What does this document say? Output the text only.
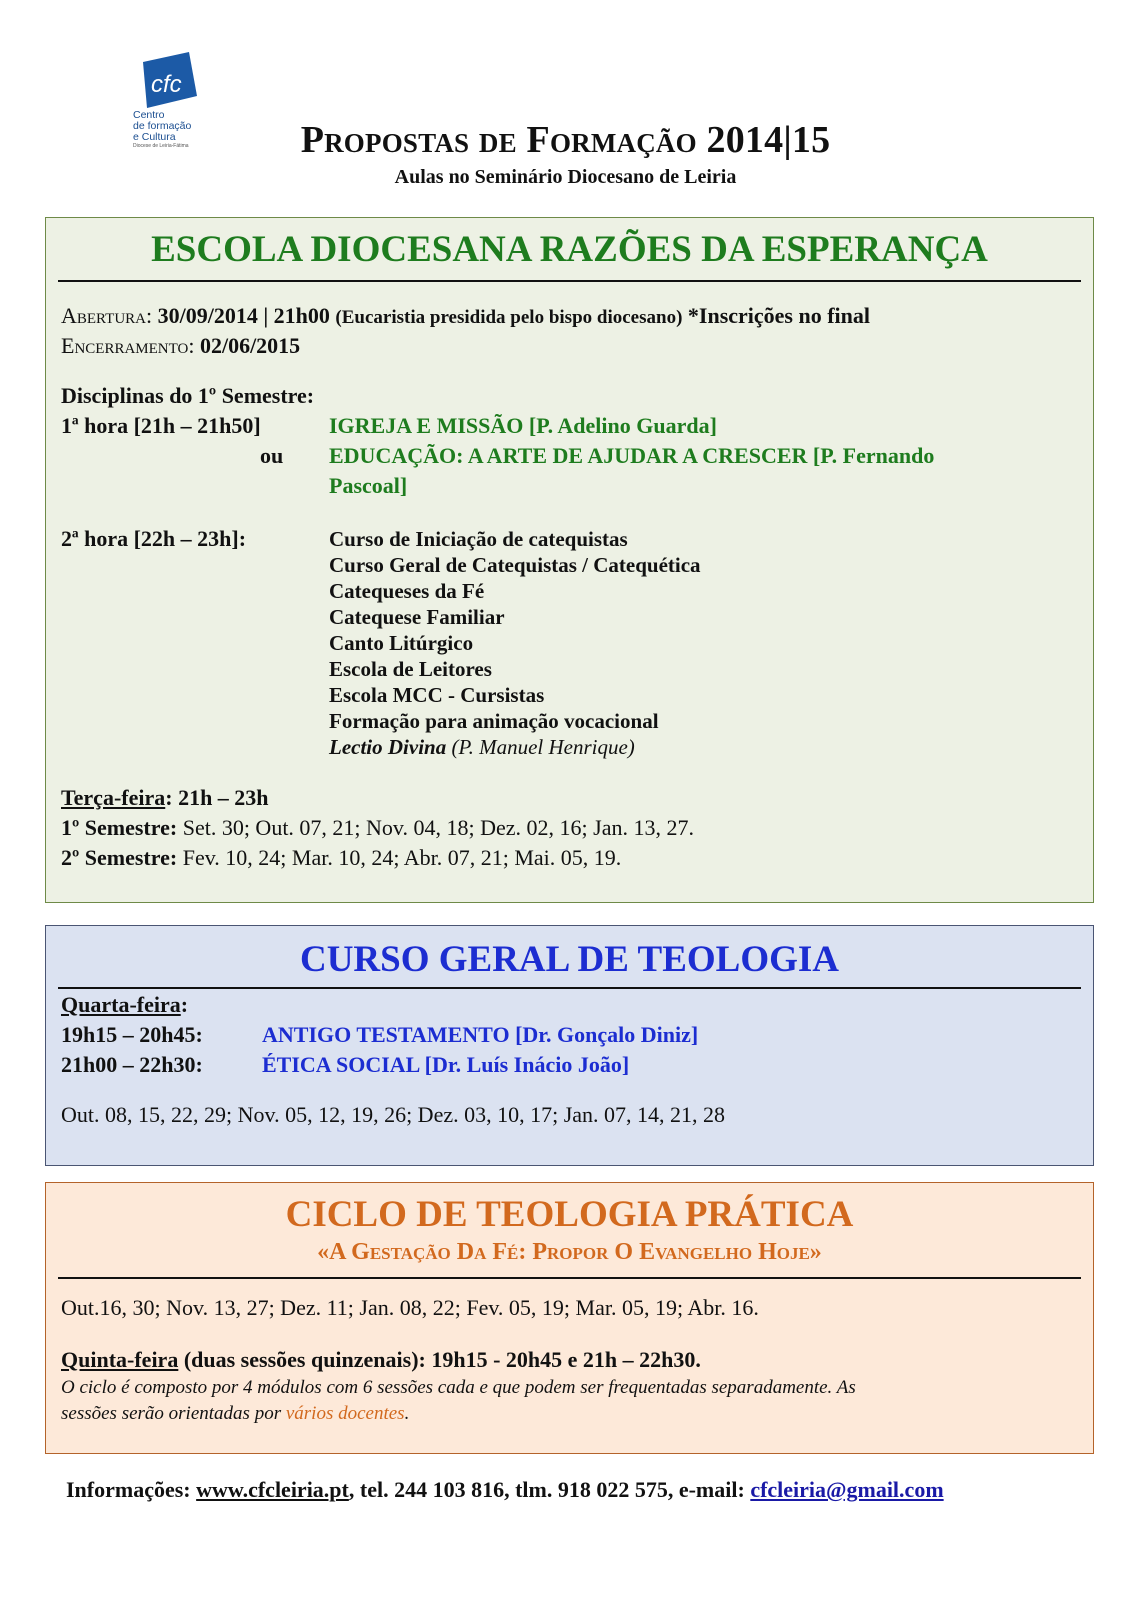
cfc
Centro
de formação
e Cultura
Diocese de Leiria-Fátima	Propostas de Formação 2014|15
Aulas no Seminário Diocesano de Leiria
ESCOLA DIOCESANA RAZÕES DA ESPERANÇA
Abertura: 30/09/2014 | 21h00 (Eucaristia presidida pelo bispo diocesano) *Inscrições no final
Encerramento: 02/06/2015
Disciplinas do 1º Semestre:
1ª hora [21h – 21h50]	IGREJA E MISSÃO [P. Adelino Guarda]
ou EDUCAÇÃO: A ARTE DE AJUDAR A CRESCER [P. Fernando
Pascoal]
2ª hora [22h – 23h]:	Curso de Iniciação de catequistas
Curso Geral de Catequistas / Catequética
Catequeses da Fé
Catequese Familiar
Canto Litúrgico
Escola de Leitores
Escola MCC - Cursistas
Formação para animação vocacional
Lectio Divina (P. Manuel Henrique)
Terça-feira: 21h – 23h
1º Semestre: Set. 30; Out. 07, 21; Nov. 04, 18; Dez. 02, 16; Jan. 13, 27.
2º Semestre: Fev. 10, 24; Mar. 10, 24; Abr. 07, 21; Mai. 05, 19.
CURSO GERAL DE TEOLOGIA
Quarta-feira:
19h15 – 20h45:	ANTIGO TESTAMENTO [Dr. Gonçalo Diniz]
21h00 – 22h30:	ÉTICA SOCIAL [Dr. Luís Inácio João]
Out. 08, 15, 22, 29; Nov. 05, 12, 19, 26; Dez. 03, 10, 17; Jan. 07, 14, 21, 28
CICLO DE TEOLOGIA PRÁTICA
«A Gestação Da Fé: Propor O Evangelho Hoje»
Out.16, 30; Nov. 13, 27; Dez. 11; Jan. 08, 22; Fev. 05, 19; Mar. 05, 19; Abr. 16.
Quinta-feira (duas sessões quinzenais): 19h15 - 20h45 e 21h – 22h30.
O ciclo é composto por 4 módulos com 6 sessões cada e que podem ser frequentadas separadamente. As
sessões serão orientadas por vários docentes.
Informações: www.cfcleiria.pt, tel. 244 103 816, tlm. 918 022 575, e-mail: cfcleiria@gmail.com
